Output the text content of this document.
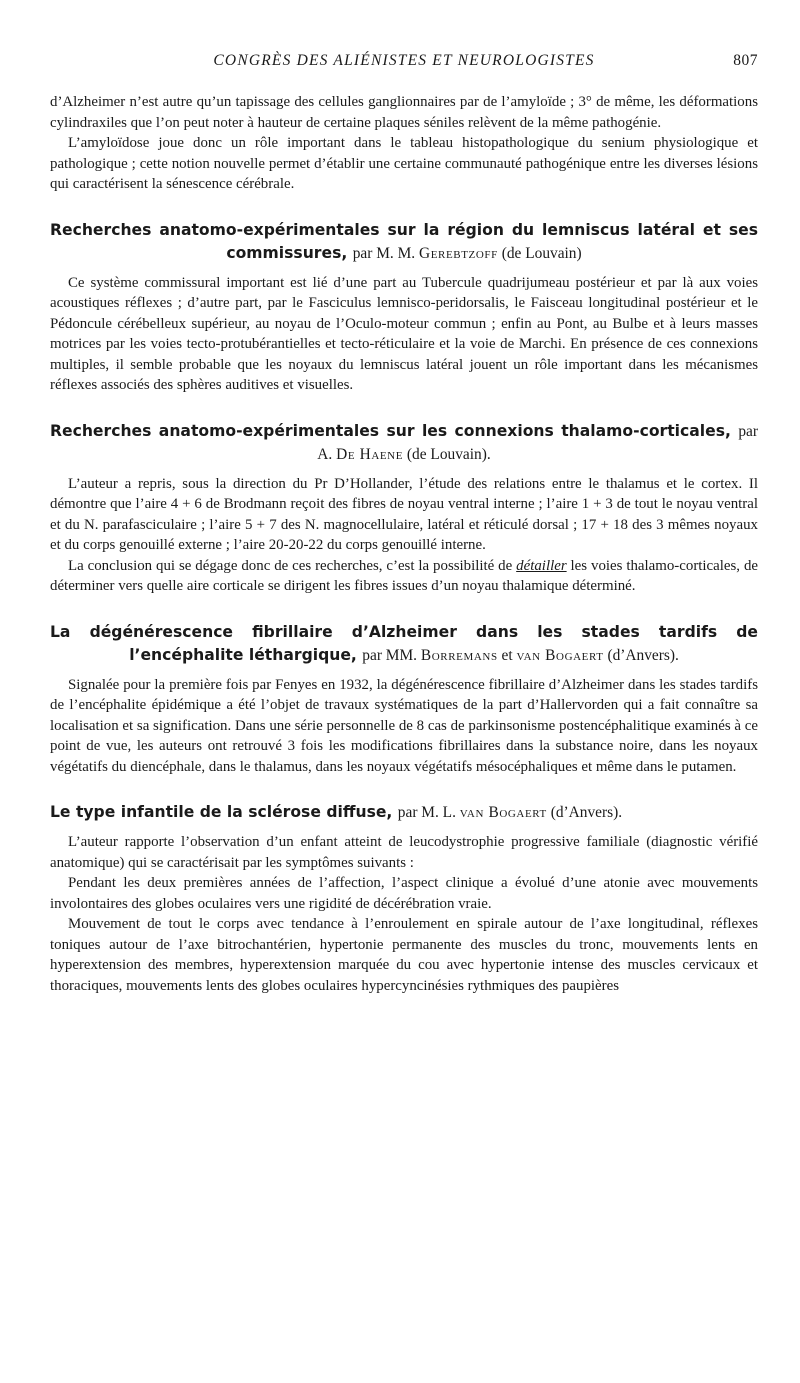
CONGRÈS DES ALIÉNISTES ET NEUROLOGISTES	807

d’Alzheimer n’est autre qu’un tapissage des cellules ganglionnaires par de l’amyloïde ; 3° de même, les déformations cylindraxiles que l’on peut noter à hauteur de certaine plaques séniles relèvent de la même pathogénie.

L’amyloïdose joue donc un rôle important dans le tableau histopathologique du senium physiologique et pathologique ; cette notion nouvelle permet d’établir une certaine communauté pathogénique entre les diverses lésions qui caractérisent la sénescence cérébrale.

Recherches anatomo-expérimentales sur la région du lemniscus latéral et ses commissures, par M. M. Gerebtzoff (de Louvain)

Ce système commissural important est lié d’une part au Tubercule quadrijumeau postérieur et par là aux voies acoustiques réflexes ; d’autre part, par le Fasciculus lemnisco-peridorsalis, le Faisceau longitudinal postérieur et le Pédoncule cérébelleux supérieur, au noyau de l’Oculo-moteur commun ; enfin au Pont, au Bulbe et à leurs masses motrices par les voies tecto-protubérantielles et tecto-réticulaire et la voie de Marchi. En présence de ces connexions multiples, il semble probable que les noyaux du lemniscus latéral jouent un rôle important dans les mécanismes réflexes associés des sphères auditives et visuelles.

Recherches anatomo-expérimentales sur les connexions thalamo-corticales, par A. De Haene (de Louvain).

L’auteur a repris, sous la direction du Pr D’Hollander, l’étude des relations entre le thalamus et le cortex. Il démontre que l’aire 4 + 6 de Brodmann reçoit des fibres de noyau ventral interne ; l’aire 1 + 3 de tout le noyau ventral et du N. parafasciculaire ; l’aire 5 + 7 des N. magnocellulaire, latéral et réticulé dorsal ; 17 + 18 des 3 mêmes noyaux et du corps genouillé externe ; l’aire 20-20-22 du corps genouillé interne.

La conclusion qui se dégage donc de ces recherches, c’est la possibilité de détailler les voies thalamo-corticales, de déterminer vers quelle aire corticale se dirigent les fibres issues d’un noyau thalamique déterminé.

La dégénérescence fibrillaire d’Alzheimer dans les stades tardifs de l’encéphalite léthargique, par MM. Borremans et van Bogaert (d’Anvers).

Signalée pour la première fois par Fenyes en 1932, la dégénérescence fibrillaire d’Alzheimer dans les stades tardifs de l’encéphalite épidémique a été l’objet de travaux systématiques de la part d’Hallervorden qui a fait connaître sa localisation et sa signification. Dans une série personnelle de 8 cas de parkinsonisme postencéphalitique examinés à ce point de vue, les auteurs ont retrouvé 3 fois les modifications fibrillaires dans la substance noire, dans les noyaux végétatifs du diencéphale, dans le thalamus, dans les noyaux végétatifs mésocéphaliques et même dans le putamen.

Le type infantile de la sclérose diffuse, par M. L. van Bogaert (d’Anvers).

L’auteur rapporte l’observation d’un enfant atteint de leucodystrophie progressive familiale (diagnostic vérifié anatomique) qui se caractérisait par les symptômes suivants :

Pendant les deux premières années de l’affection, l’aspect clinique a évolué d’une atonie avec mouvements involontaires des globes oculaires vers une rigidité de décérébration vraie.

Mouvement de tout le corps avec tendance à l’enroulement en spirale autour de l’axe longitudinal, réflexes toniques autour de l’axe bitrochantérien, hypertonie permanente des muscles du tronc, mouvements lents en hyperextension des membres, hyperextension marquée du cou avec hypertonie intense des muscles cervicaux et thoraciques, mouvements lents des globes oculaires hypercyncinésies rythmiques des paupières
